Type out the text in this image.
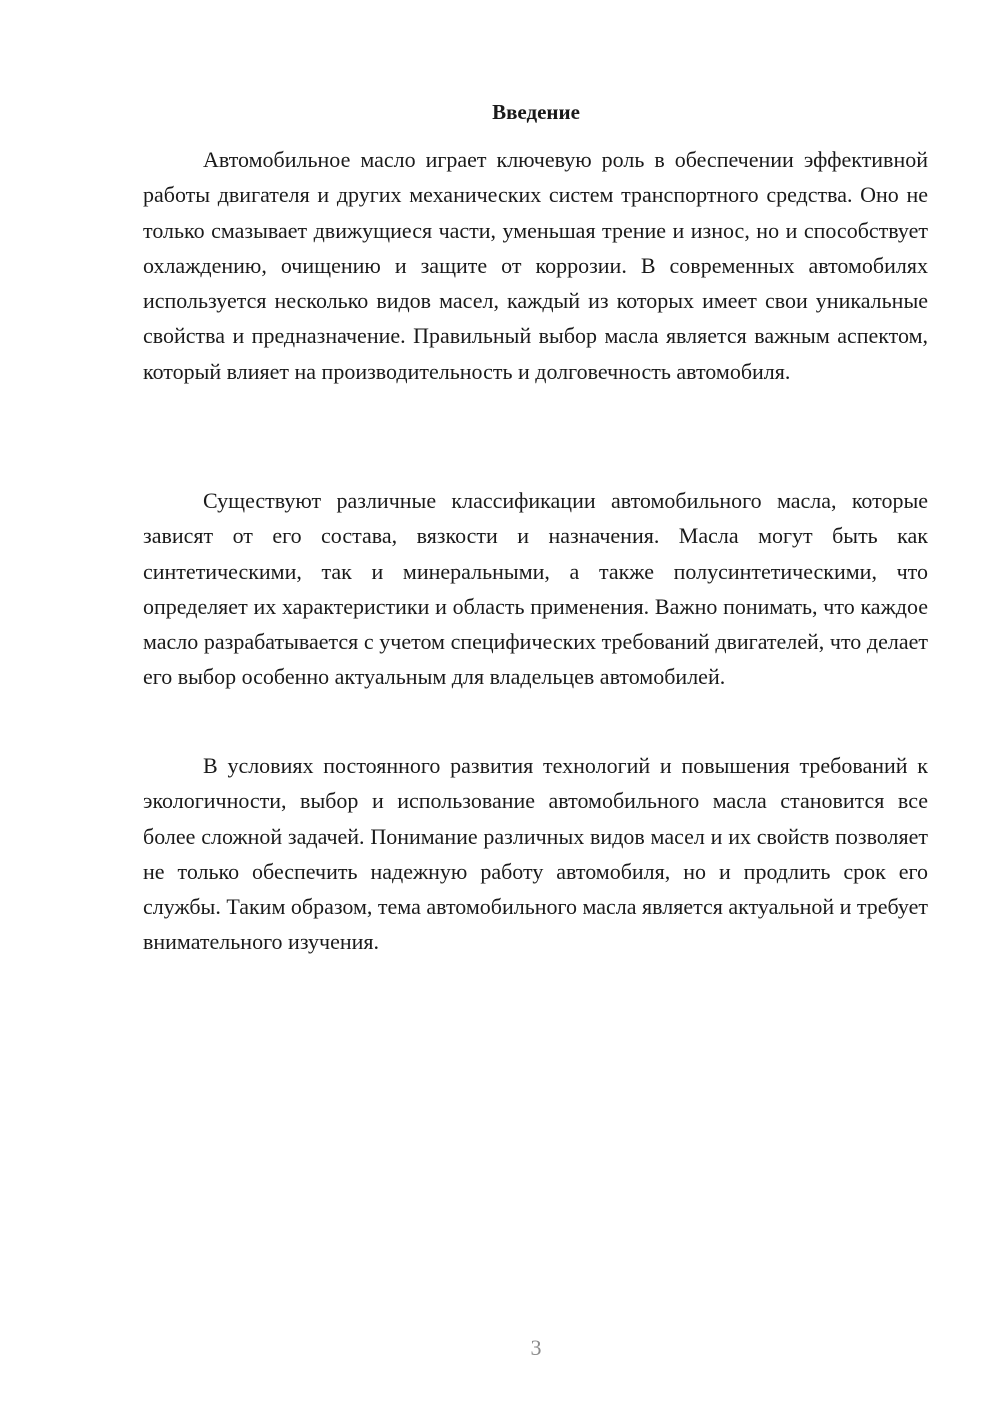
Введение

Автомобильное масло играет ключевую роль в обеспечении эффективной работы двигателя и других механических систем транспортного средства. Оно не только смазывает движущиеся части, уменьшая трение и износ, но и способствует охлаждению, очищению и защите от коррозии. В современных автомобилях используется несколько видов масел, каждый из которых имеет свои уникальные свойства и предназначение. Правильный выбор масла является важным аспектом, который влияет на производительность и долговечность автомобиля.

Существуют различные классификации автомобильного масла, которые зависят от его состава, вязкости и назначения. Масла могут быть как синтетическими, так и минеральными, а также полусинтетическими, что определяет их характеристики и область применения. Важно понимать, что каждое масло разрабатывается с учетом специфических требований двигателей, что делает его выбор особенно актуальным для владельцев автомобилей.

В условиях постоянного развития технологий и повышения требований к экологичности, выбор и использование автомобильного масла становится все более сложной задачей. Понимание различных видов масел и их свойств позволяет не только обеспечить надежную работу автомобиля, но и продлить срок его службы. Таким образом, тема автомобильного масла является актуальной и требует внимательного изучения.

3
